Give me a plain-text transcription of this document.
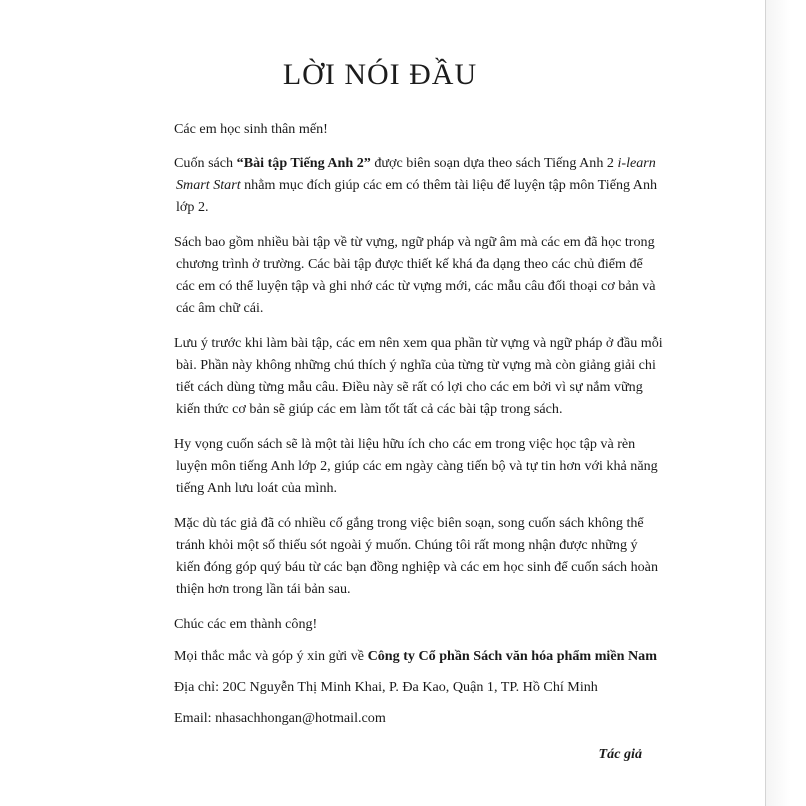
LỜI NÓI ĐẦU

Các em học sinh thân mến!

Cuốn sách “Bài tập Tiếng Anh 2” được biên soạn dựa theo sách Tiếng Anh 2 i-learn Smart Start nhằm mục đích giúp các em có thêm tài liệu để luyện tập môn Tiếng Anh lớp 2.

Sách bao gồm nhiều bài tập về từ vựng, ngữ pháp và ngữ âm mà các em đã học trong chương trình ở trường. Các bài tập được thiết kế khá đa dạng theo các chủ điểm để các em có thể luyện tập và ghi nhớ các từ vựng mới, các mẫu câu đối thoại cơ bản và các âm chữ cái.

Lưu ý trước khi làm bài tập, các em nên xem qua phần từ vựng và ngữ pháp ở đầu mỗi bài. Phần này không những chú thích ý nghĩa của từng từ vựng mà còn giảng giải chi tiết cách dùng từng mẫu câu. Điều này sẽ rất có lợi cho các em bởi vì sự nắm vững kiến thức cơ bản sẽ giúp các em làm tốt tất cả các bài tập trong sách.

Hy vọng cuốn sách sẽ là một tài liệu hữu ích cho các em trong việc học tập và rèn luyện môn tiếng Anh lớp 2, giúp các em ngày càng tiến bộ và tự tin hơn với khả năng tiếng Anh lưu loát của mình.

Mặc dù tác giả đã có nhiều cố gắng trong việc biên soạn, song cuốn sách không thể tránh khỏi một số thiếu sót ngoài ý muốn. Chúng tôi rất mong nhận được những ý kiến đóng góp quý báu từ các bạn đồng nghiệp và các em học sinh để cuốn sách hoàn thiện hơn trong lần tái bản sau.

Chúc các em thành công!

Mọi thắc mắc và góp ý xin gửi về Công ty Cổ phần Sách văn hóa phẩm miền Nam

Địa chỉ: 20C Nguyễn Thị Minh Khai, P. Đa Kao, Quận 1, TP. Hồ Chí Minh

Email: nhasachhongan@hotmail.com

Tác giả
